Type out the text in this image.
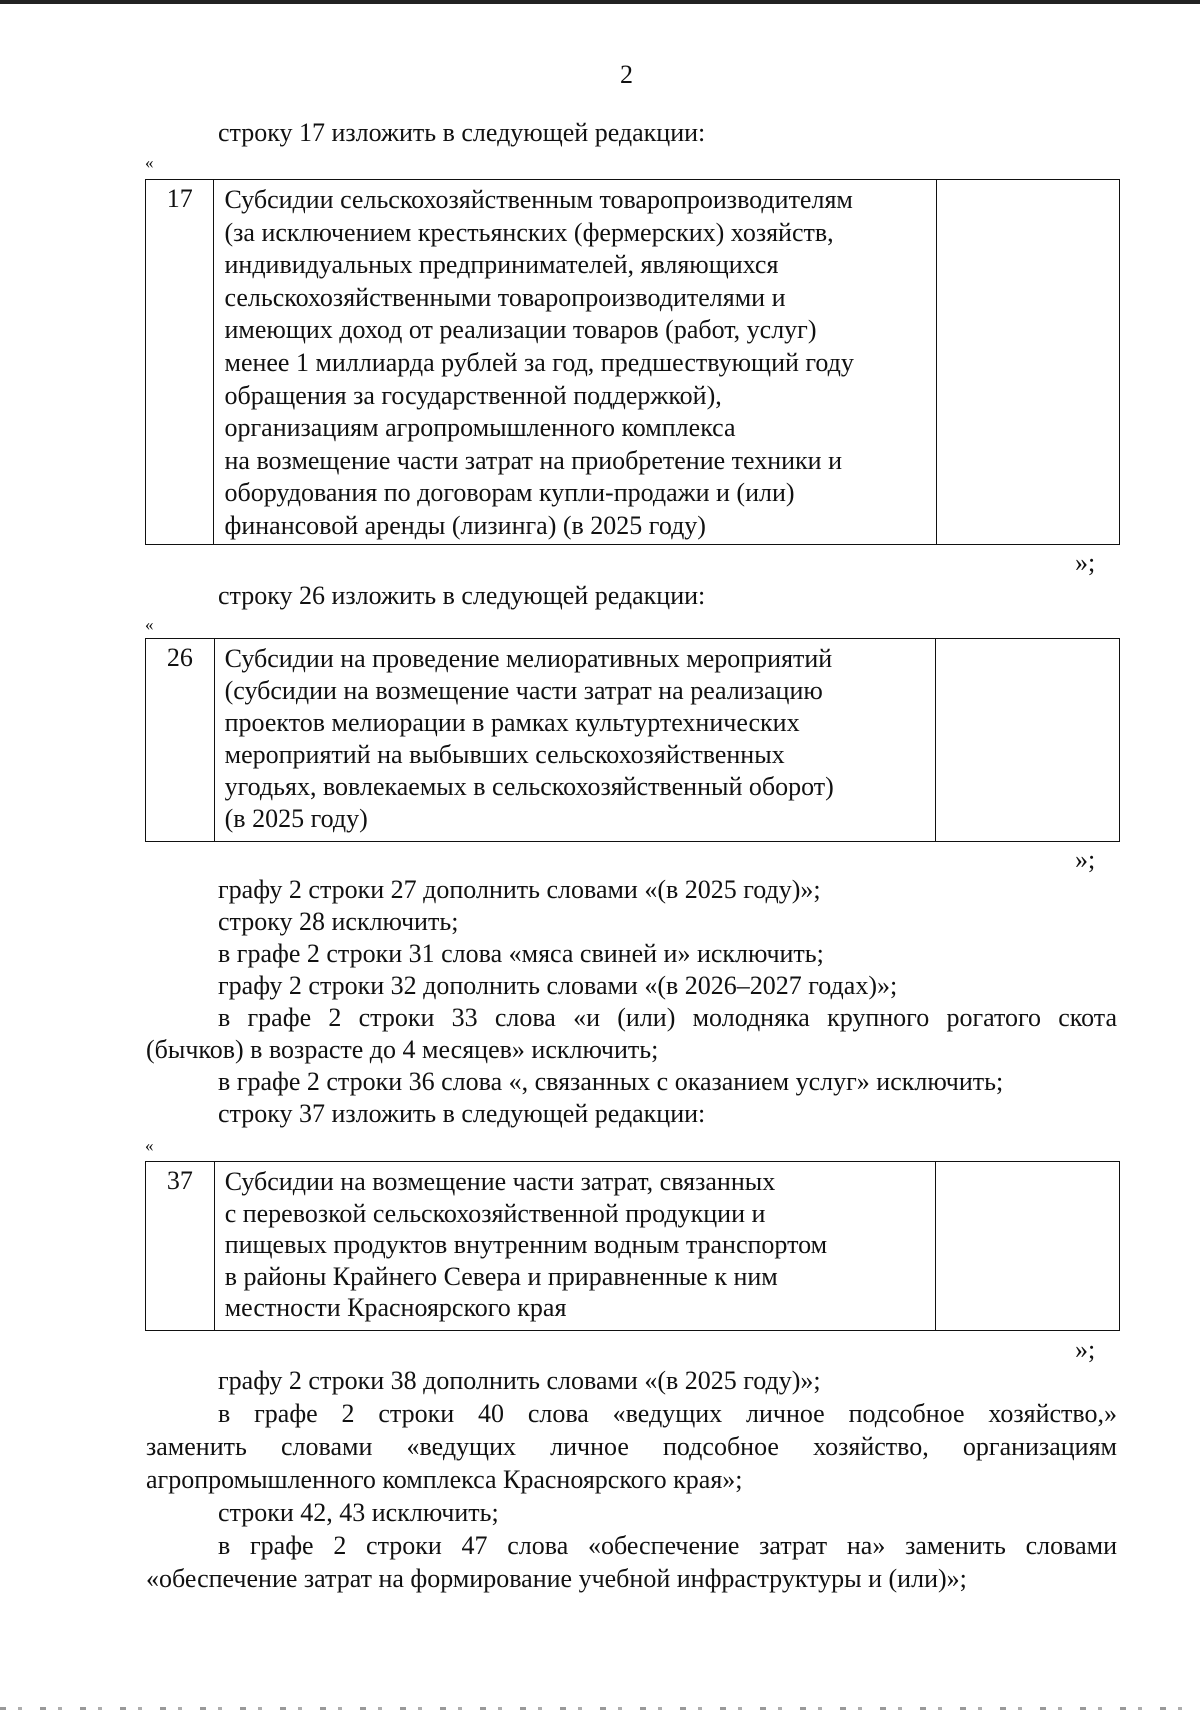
2
строку 17 изложить в следующей редакции:
«
17	Субсидии сельскохозяйственным товаропроизводителям
(за исключением крестьянских (фермерских) хозяйств,
индивидуальных предпринимателей, являющихся
сельскохозяйственными товаропроизводителями и
имеющих доход от реализации товаров (работ, услуг)
менее 1 миллиарда рублей за год, предшествующий году
обращения за государственной поддержкой),
организациям агропромышленного комплекса
на возмещение части затрат на приобретение техники и
оборудования по договорам купли-продажи и (или)
финансовой аренды (лизинга) (в 2025 году)

»;
строку 26 изложить в следующей редакции:
«
26	Субсидии на проведение мелиоративных мероприятий
(субсидии на возмещение части затрат на реализацию
проектов мелиорации в рамках культуртехнических
мероприятий на выбывших сельскохозяйственных
угодьях, вовлекаемых в сельскохозяйственный оборот)
(в 2025 году)

»;
графу 2 строки 27 дополнить словами «(в 2025 году)»;
строку 28 исключить;
в графе 2 строки 31 слова «мяса свиней и» исключить;
графу 2 строки 32 дополнить словами «(в 2026–2027 годах)»;
в графе 2 строки 33 слова «и (или) молодняка крупного рогатого скота
(бычков) в возрасте до 4 месяцев» исключить;
в графе 2 строки 36 слова «, связанных с оказанием услуг» исключить;
строку 37 изложить в следующей редакции:
«
37	Субсидии на возмещение части затрат, связанных
с перевозкой сельскохозяйственной продукции и
пищевых продуктов внутренним водным транспортом
в районы Крайнего Севера и приравненные к ним
местности Красноярского края

»;
графу 2 строки 38 дополнить словами «(в 2025 году)»;
в графе 2 строки 40 слова «ведущих личное подсобное хозяйство,»
заменить словами «ведущих личное подсобное хозяйство, организациям
агропромышленного комплекса Красноярского края»;
строки 42, 43 исключить;
в графе 2 строки 47 слова «обеспечение затрат на» заменить словами
«обеспечение затрат на формирование учебной инфраструктуры и (или)»;
